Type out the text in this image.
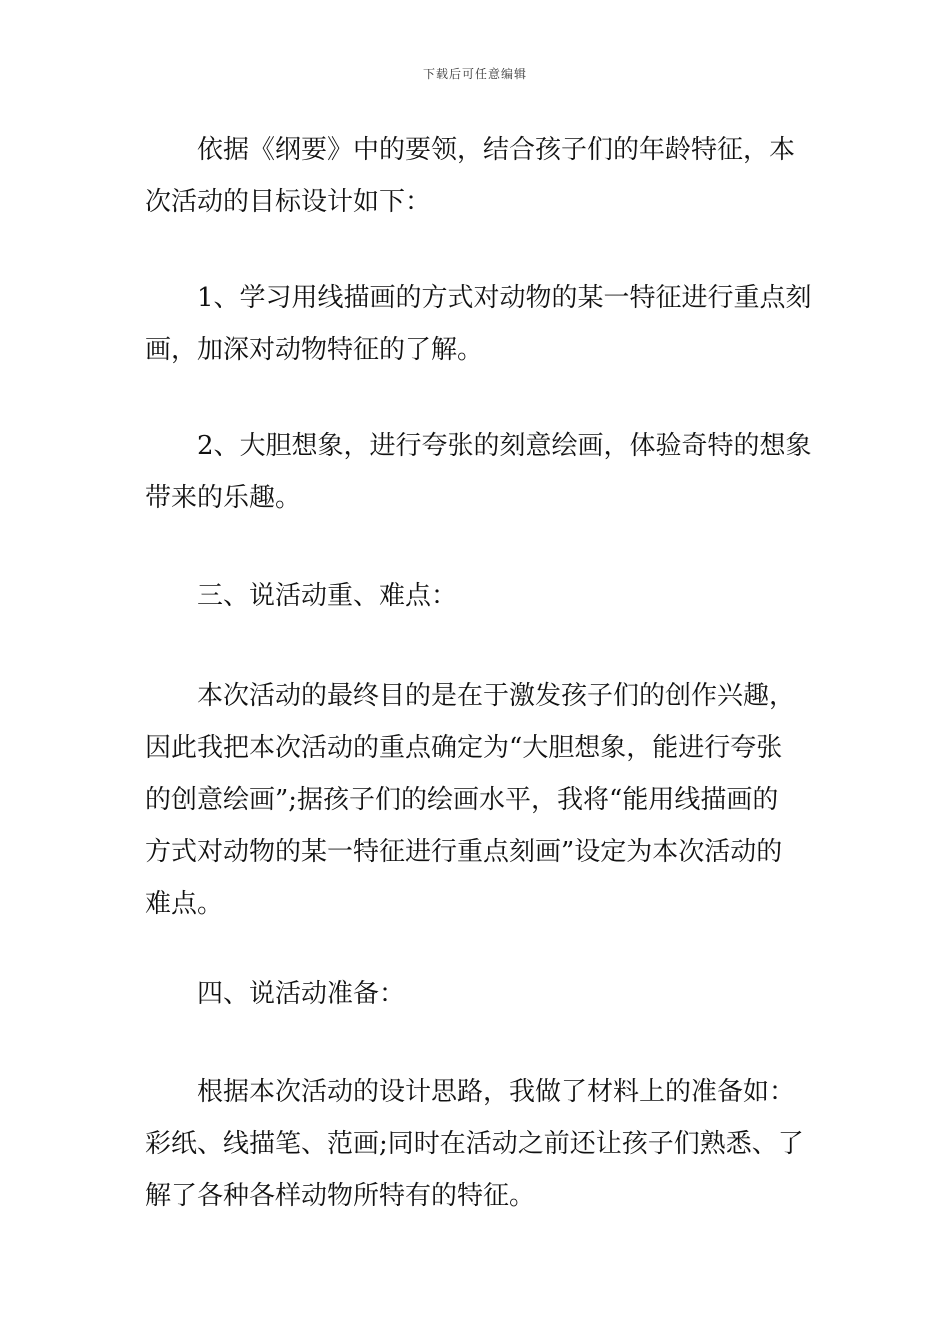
下载后可任意编辑
依据《纲要》中的要领，结合孩子们的年龄特征，本
次活动的目标设计如下：
1、学习用线描画的方式对动物的某一特征进行重点刻
画，加深对动物特征的了解。
2、大胆想象，进行夸张的刻意绘画，体验奇特的想象
带来的乐趣。
三、说活动重、难点：
本次活动的最终目的是在于激发孩子们的创作兴趣，
因此我把本次活动的重点确定为“大胆想象，能进行夸张
的创意绘画”;据孩子们的绘画水平，我将“能用线描画的
方式对动物的某一特征进行重点刻画”设定为本次活动的
难点。
四、说活动准备：
根据本次活动的设计思路，我做了材料上的准备如：
彩纸、线描笔、范画;同时在活动之前还让孩子们熟悉、了
解了各种各样动物所特有的特征。
